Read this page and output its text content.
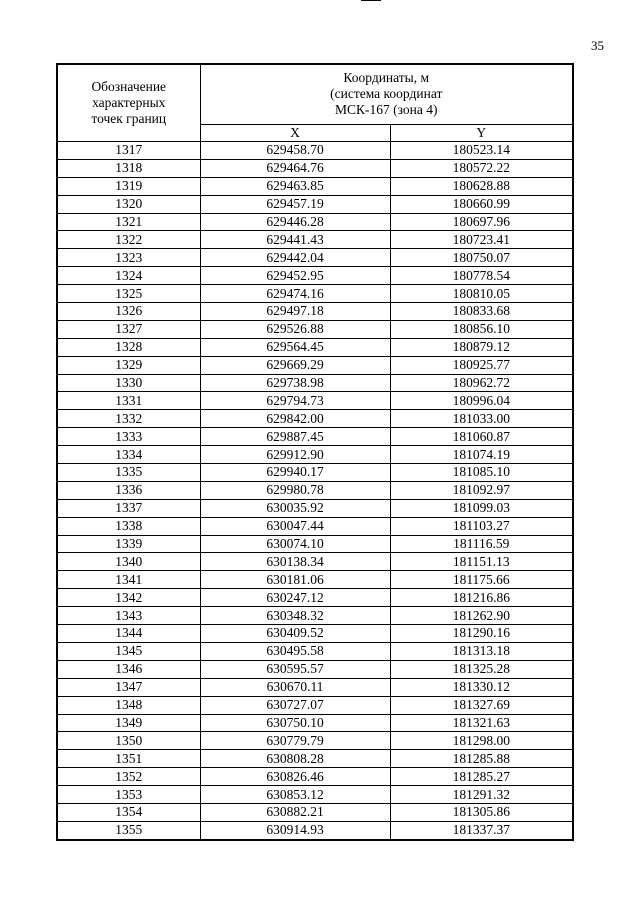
35
Обозначение
характерных
точек границ	Координаты, м
(система координат
МСК-167 (зона 4)	

	X	Y
1317	629458.70	180523.14
1318	629464.76	180572.22
1319	629463.85	180628.88
1320	629457.19	180660.99
1321	629446.28	180697.96
1322	629441.43	180723.41
1323	629442.04	180750.07
1324	629452.95	180778.54
1325	629474.16	180810.05
1326	629497.18	180833.68
1327	629526.88	180856.10
1328	629564.45	180879.12
1329	629669.29	180925.77
1330	629738.98	180962.72
1331	629794.73	180996.04
1332	629842.00	181033.00
1333	629887.45	181060.87
1334	629912.90	181074.19
1335	629940.17	181085.10
1336	629980.78	181092.97
1337	630035.92	181099.03
1338	630047.44	181103.27
1339	630074.10	181116.59
1340	630138.34	181151.13
1341	630181.06	181175.66
1342	630247.12	181216.86
1343	630348.32	181262.90
1344	630409.52	181290.16
1345	630495.58	181313.18
1346	630595.57	181325.28
1347	630670.11	181330.12
1348	630727.07	181327.69
1349	630750.10	181321.63
1350	630779.79	181298.00
1351	630808.28	181285.88
1352	630826.46	181285.27
1353	630853.12	181291.32
1354	630882.21	181305.86
1355	630914.93	181337.37
